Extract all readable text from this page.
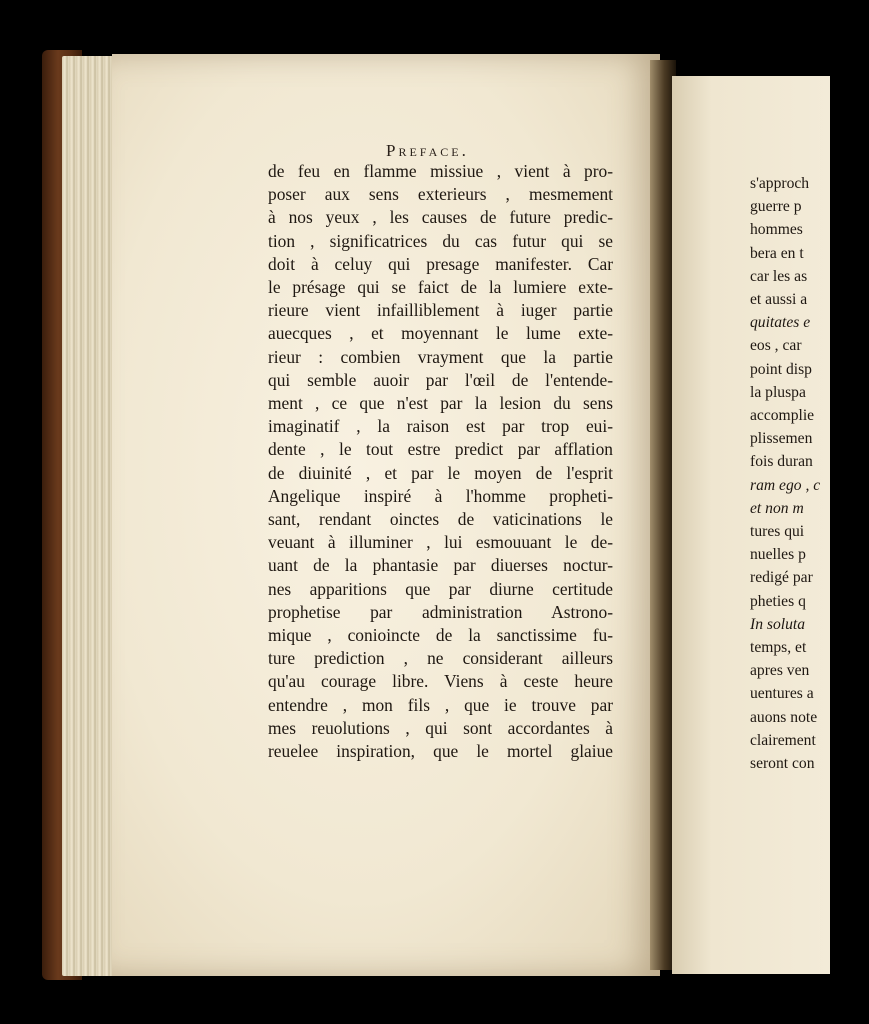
s'approch
guerre p
hommes
bera en t
car les as
et aussi a
quitates e
eos , car
point disp
la pluspa
accomplie
plissemen
fois duran
ram ego , c
et non m
tures qui
nuelles p
redigé par
pheties q
In soluta
temps, et
apres ven
uentures a
auons note
clairement
seront con
Preface.
de feu en flamme missiue , vient à pro-
poser aux sens exterieurs , mesmement
à nos yeux , les causes de future predic-
tion , significatrices du cas futur qui se
doit à celuy qui presage manifester. Car
le présage qui se faict de la lumiere exte-
rieure vient infailliblement à iuger partie
auecques , et moyennant le lume exte-
rieur : combien vrayment que la partie
qui semble auoir par l'œil de l'entende-
ment , ce que n'est par la lesion du sens
imaginatif , la raison est par trop eui-
dente , le tout estre predict par afflation
de diuinité , et par le moyen de l'esprit
Angelique inspiré à l'homme propheti-
sant, rendant oinctes de vaticinations le
veuant à illuminer , lui esmouuant le de-
uant de la phantasie par diuerses noctur-
nes apparitions que par diurne certitude
prophetise par administration Astrono-
mique , conioincte de la sanctissime fu-
ture prediction , ne considerant ailleurs
qu'au courage libre. Viens à ceste heure
entendre , mon fils , que ie trouve par
mes reuolutions , qui sont accordantes à
reuelee inspiration, que le mortel glaiue
